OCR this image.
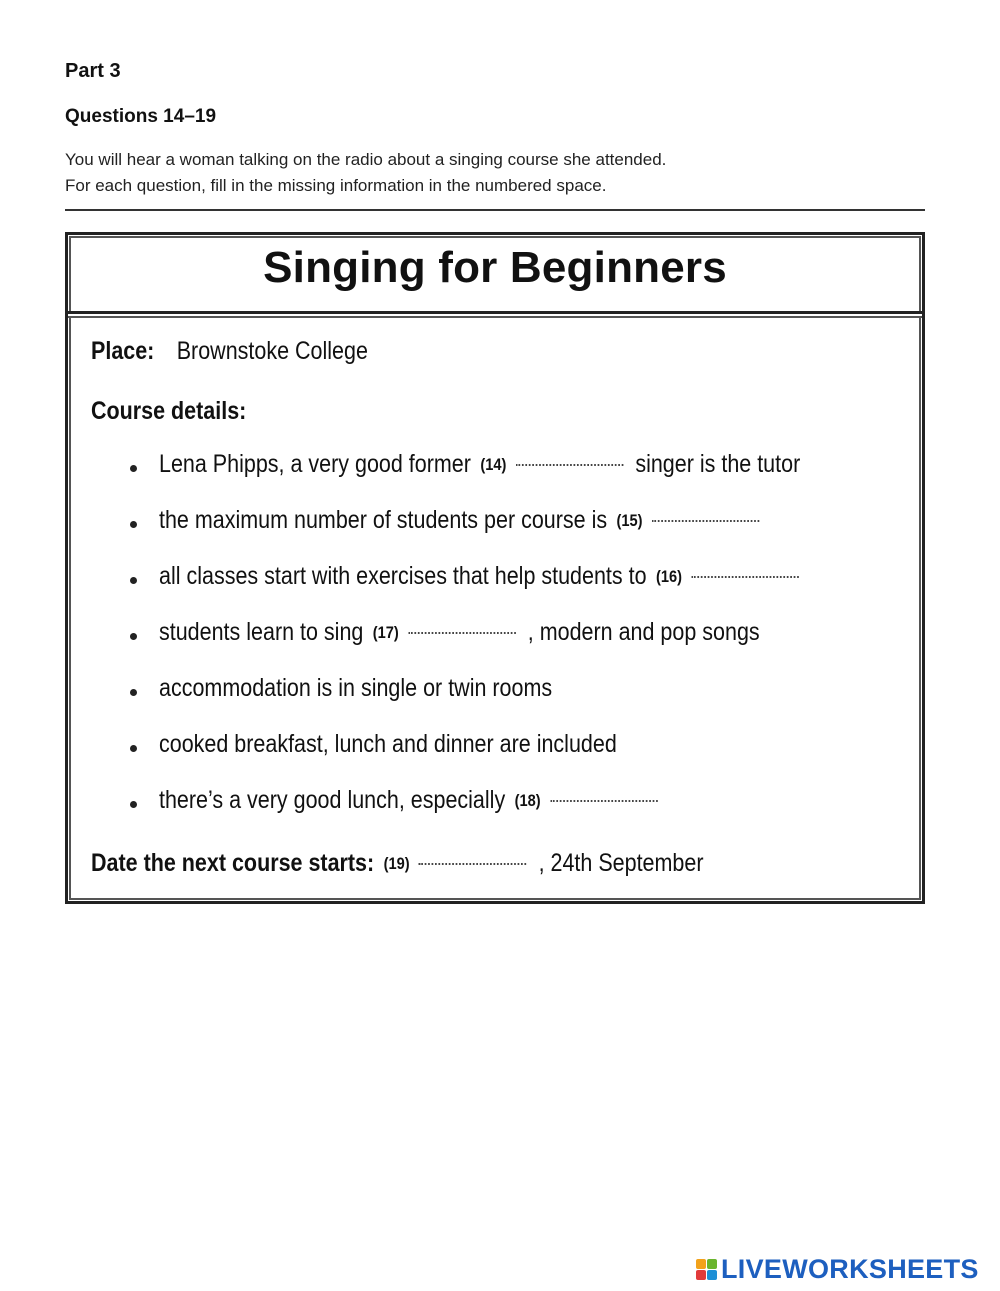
Part 3
Questions 14–19
You will hear a woman talking on the radio about a singing course she attended.
For each question, fill in the missing information in the numbered space.
Singing for Beginners
Place: Brownstoke College
Course details:
Lena Phipps, a very good former (14)	singer is the tutor
the maximum number of students per course is (15)
all classes start with exercises that help students to (16)
students learn to sing (17)	, modern and pop songs
accommodation is in single or twin rooms
cooked breakfast, lunch and dinner are included
there’s a very good lunch, especially (18)
Date the next course starts: (19)	, 24th September
LIVEWORKSHEETS
